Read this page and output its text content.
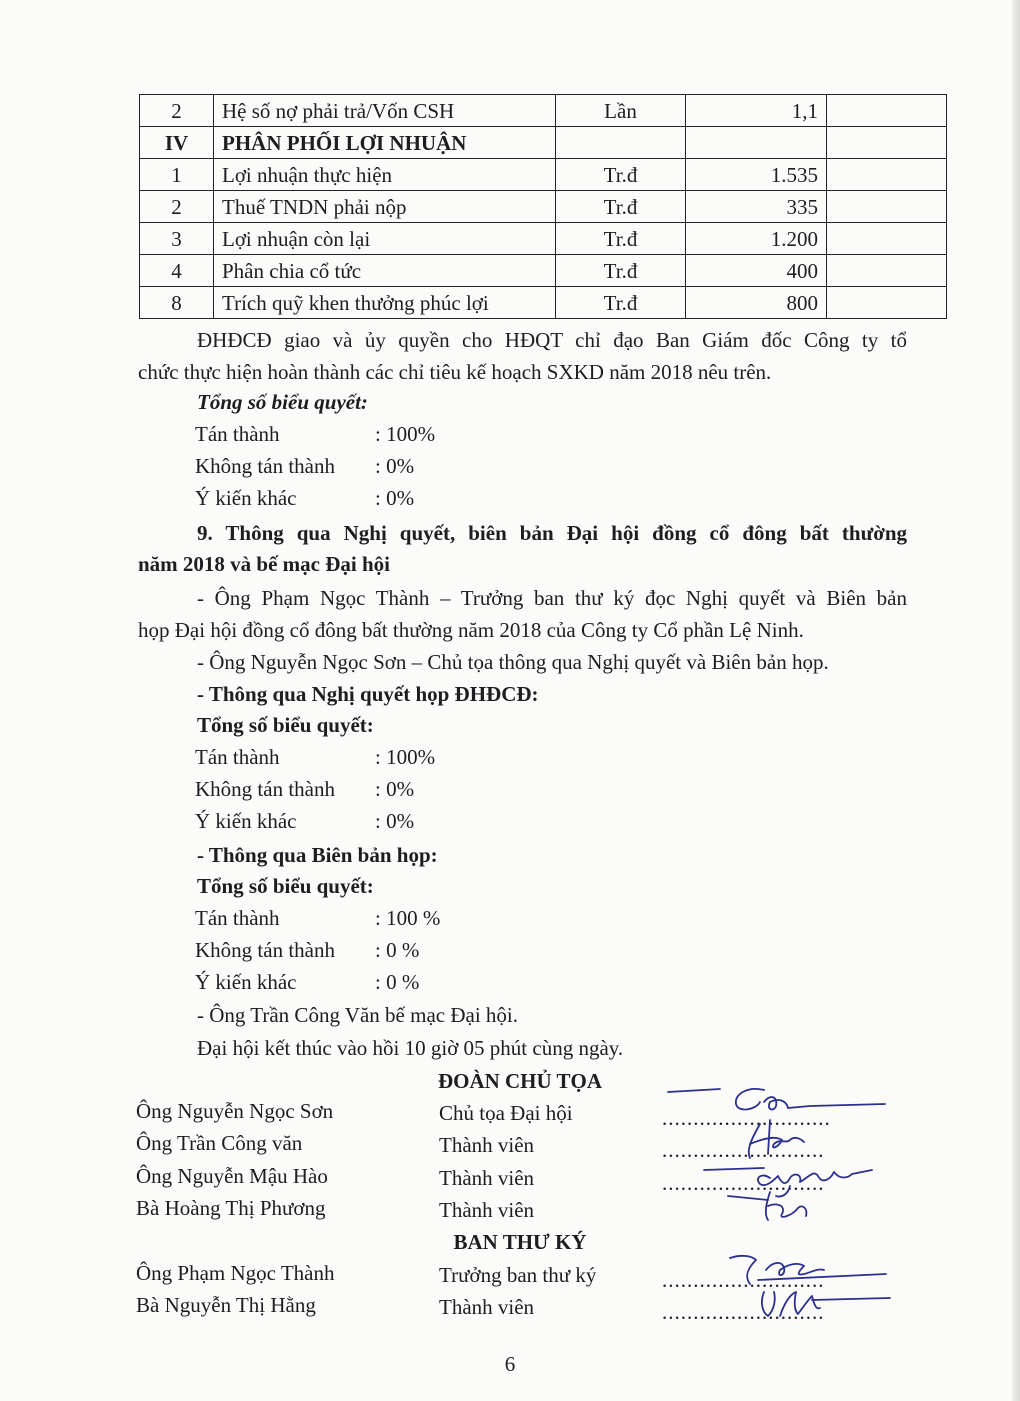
2	Hệ số nợ phải trả/Vốn CSH	Lần	1,1	
IV	PHÂN PHỐI LỢI NHUẬN			
1	Lợi nhuận thực hiện	Tr.đ	1.535	
2	Thuế TNDN phải nộp	Tr.đ	335	
3	Lợi nhuận còn lại	Tr.đ	1.200	
4	Phân chia cổ tức	Tr.đ	400	
8	Trích quỹ khen thưởng phúc lợi	Tr.đ	800	
ĐHĐCĐ giao và ủy quyền cho HĐQT chỉ đạo Ban Giám đốc Công ty tổ
chức thực hiện hoàn thành các chỉ tiêu kế hoạch SXKD năm 2018 nêu trên.
Tổng số biểu quyết:
Tán thành	: 100%
Không tán thành	: 0%
Ý kiến khác	: 0%
9. Thông qua Nghị quyết, biên bản Đại hội đồng cổ đông bất thường
năm 2018 và bế mạc Đại hội
- Ông Phạm Ngọc Thành – Trưởng ban thư ký đọc Nghị quyết và Biên bản
họp Đại hội đồng cổ đông bất thường năm 2018 của Công ty Cổ phần Lệ Ninh.
- Ông Nguyễn Ngọc Sơn – Chủ tọa thông qua Nghị quyết và Biên bản họp.
- Thông qua Nghị quyết họp ĐHĐCĐ:
Tổng số biểu quyết:
Tán thành	: 100%
Không tán thành	: 0%
Ý kiến khác	: 0%
- Thông qua Biên bản họp:
Tổng số biểu quyết:
Tán thành	: 100 %
Không tán thành	: 0 %
Ý kiến khác	: 0 %
- Ông Trần Công Văn bế mạc Đại hội.
Đại hội kết thúc vào hồi 10 giờ 05 phút cùng ngày.
ĐOÀN CHỦ TỌA
Ông Nguyễn Ngọc Sơn	Chủ tọa Đại hội	...........................
Ông Trần Công văn	Thành viên	..........................
Ông Nguyễn Mậu Hào	Thành viên	..........................
Bà Hoàng Thị Phương	Thành viên
BAN THƯ KÝ
Ông Phạm Ngọc Thành	Trưởng ban thư ký	..........................
Bà Nguyễn Thị Hằng	Thành viên	..........................
6
